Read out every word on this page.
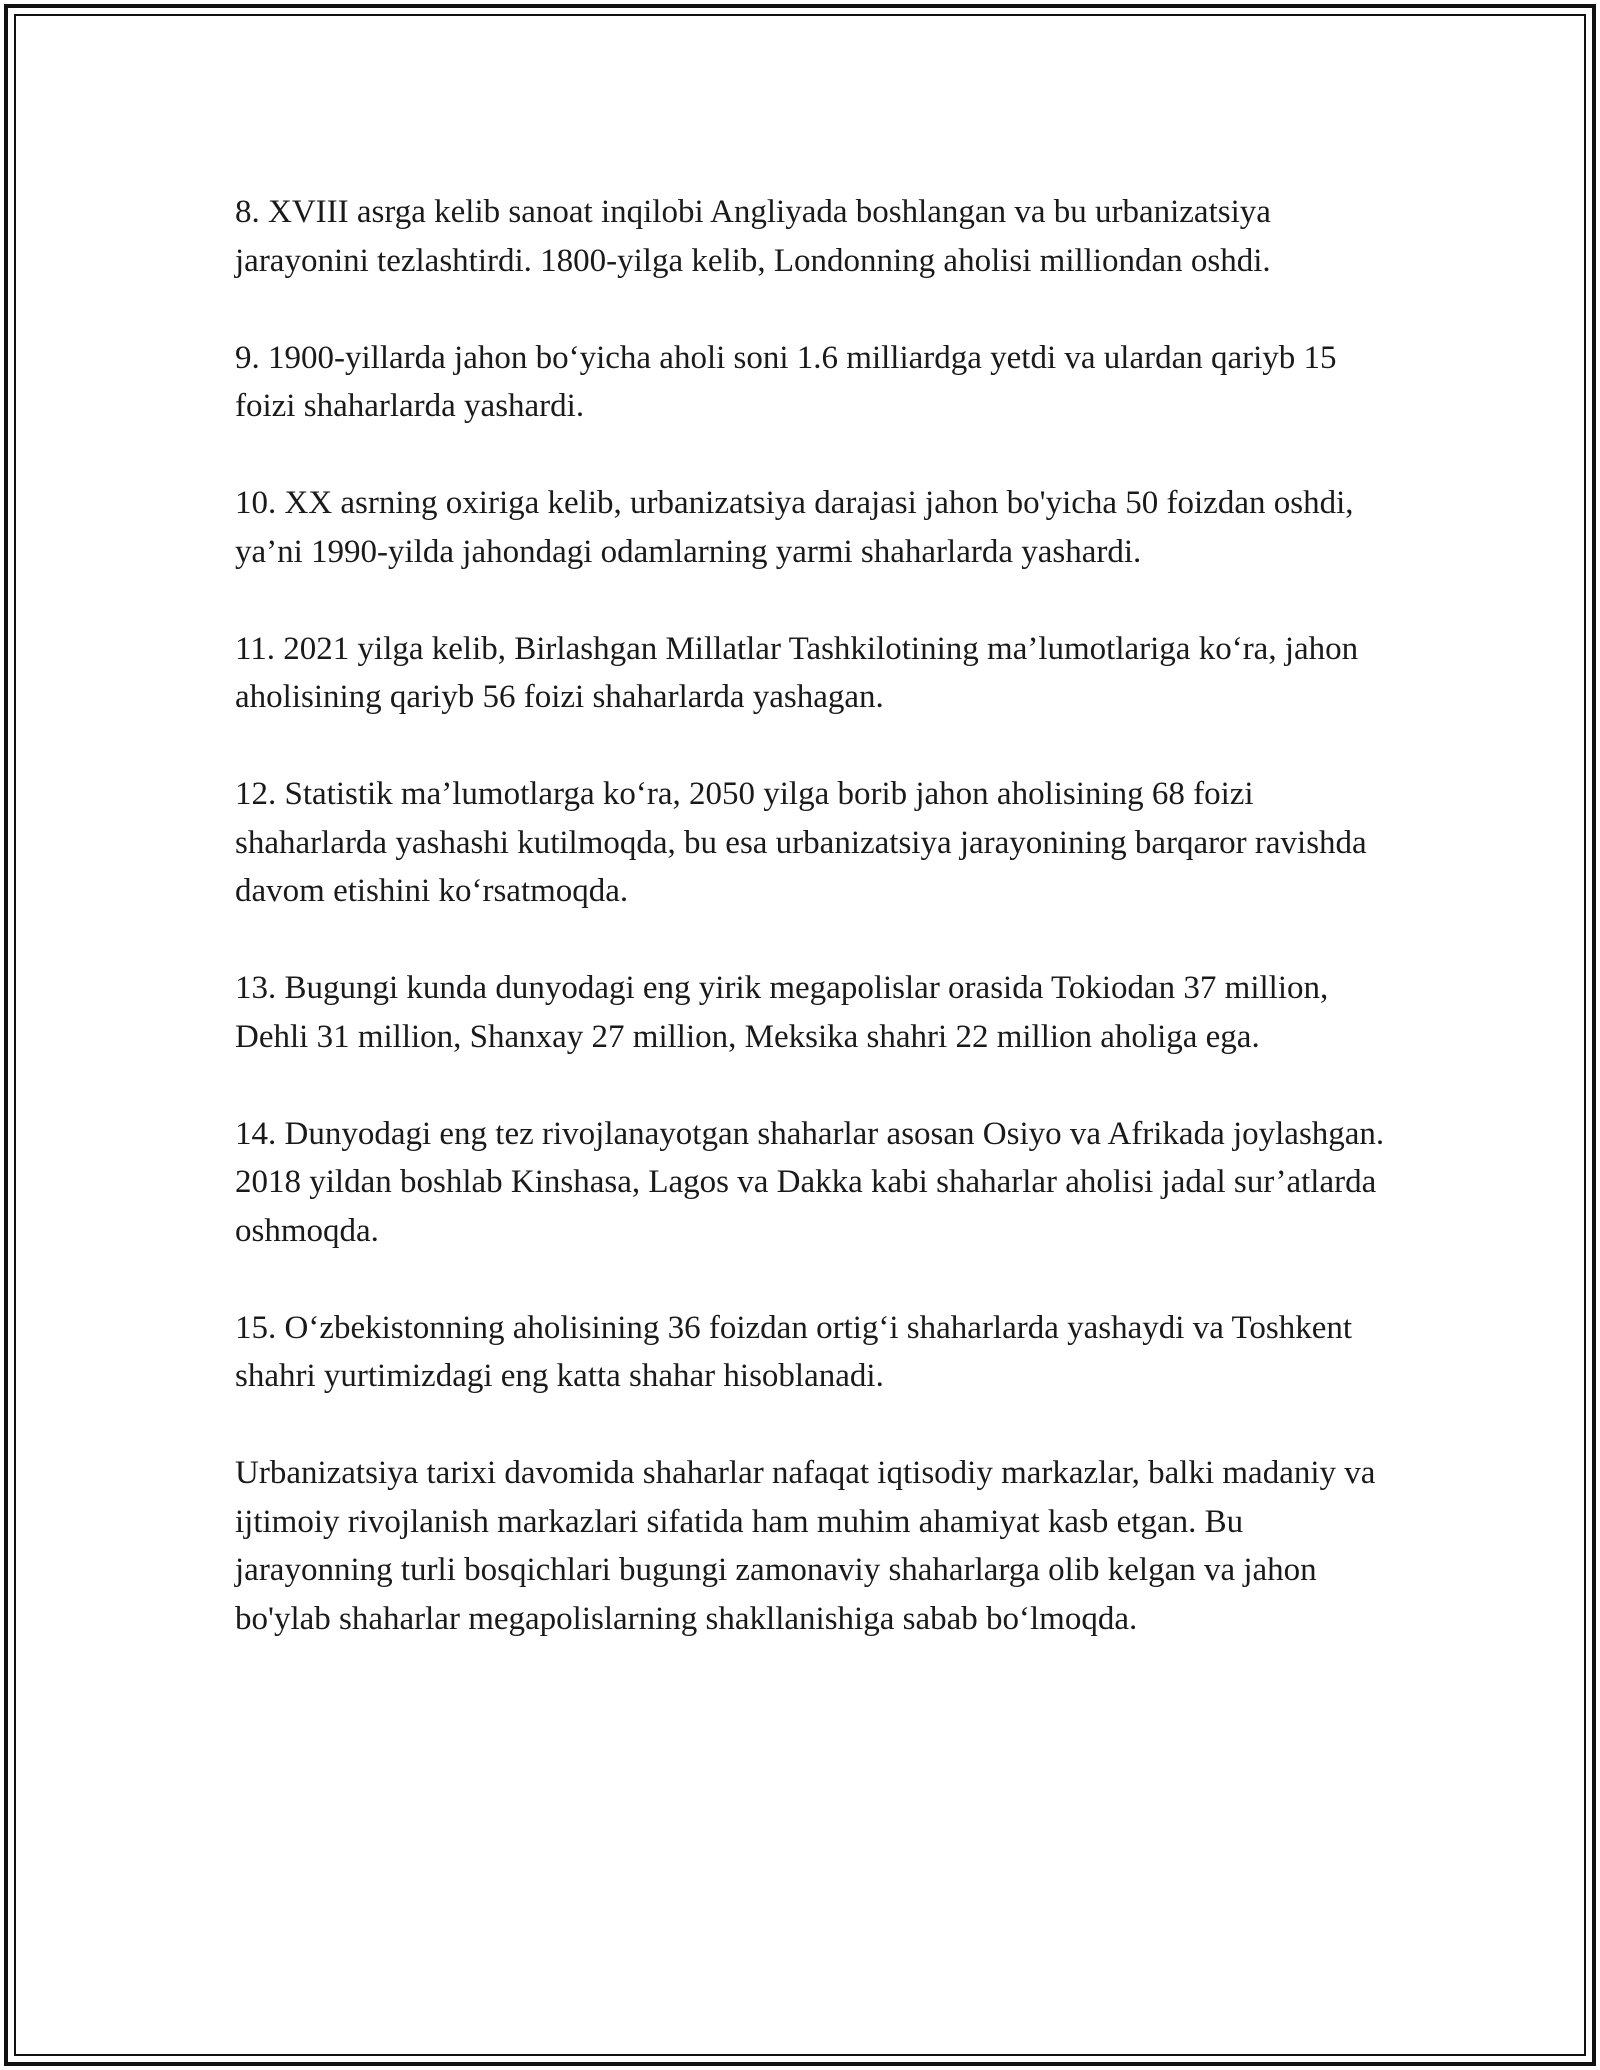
8. XVIII asrga kelib sanoat inqilobi Angliyada boshlangan va bu urbanizatsiya jarayonini tezlashtirdi. 1800-yilga kelib, Londonning aholisi milliondan oshdi.

9. 1900-yillarda jahon bo‘yicha aholi soni 1.6 milliardga yetdi va ulardan qariyb 15 foizi shaharlarda yashardi.

10. XX asrning oxiriga kelib, urbanizatsiya darajasi jahon bo'yicha 50 foizdan oshdi, ya’ni 1990-yilda jahondagi odamlarning yarmi shaharlarda yashardi.

11. 2021 yilga kelib, Birlashgan Millatlar Tashkilotining ma’lumotlariga ko‘ra, jahon aholisining qariyb 56 foizi shaharlarda yashagan.

12. Statistik ma’lumotlarga ko‘ra, 2050 yilga borib jahon aholisining 68 foizi shaharlarda yashashi kutilmoqda, bu esa urbanizatsiya jarayonining barqaror ravishda davom etishini ko‘rsatmoqda.

13. Bugungi kunda dunyodagi eng yirik megapolislar orasida Tokiodan 37 million, Dehli 31 million, Shanxay 27 million, Meksika shahri 22 million aholiga ega.

14. Dunyodagi eng tez rivojlanayotgan shaharlar asosan Osiyo va Afrikada joylashgan. 2018 yildan boshlab Kinshasa, Lagos va Dakka kabi shaharlar aholisi jadal sur’atlarda oshmoqda.

15. O‘zbekistonning aholisining 36 foizdan ortig‘i shaharlarda yashaydi va Toshkent shahri yurtimizdagi eng katta shahar hisoblanadi.

Urbanizatsiya tarixi davomida shaharlar nafaqat iqtisodiy markazlar, balki madaniy va ijtimoiy rivojlanish markazlari sifatida ham muhim ahamiyat kasb etgan. Bu jarayonning turli bosqichlari bugungi zamonaviy shaharlarga olib kelgan va jahon bo'ylab shaharlar megapolislarning shakllanishiga sabab bo‘lmoqda.
